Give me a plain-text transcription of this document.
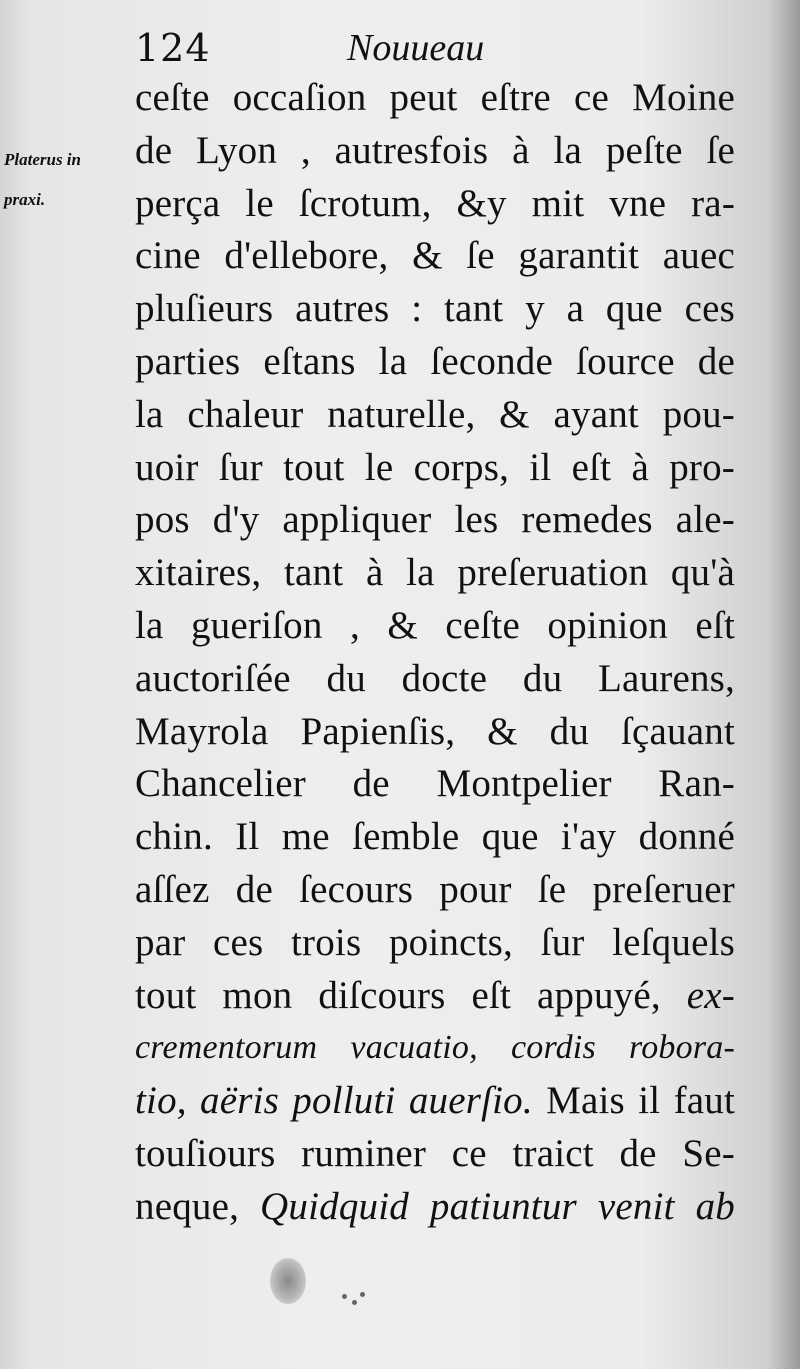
124	Nouueau
Platerus in
praxi.
ceſte occaſion peut eſtre ce Moine
de Lyon , autresfois à la peſte ſe
perça le ſcrotum, &y mit vne ra-
cine d'ellebore, & ſe garantit auec
pluſieurs autres : tant y a que ces
parties eſtans la ſeconde ſource de
la chaleur naturelle, & ayant pou-
uoir ſur tout le corps, il eſt à pro-
pos d'y appliquer les remedes ale-
xitaires, tant à la preſeruation qu'à
la gueriſon , & ceſte opinion eſt
auctoriſée du docte du Laurens,
Mayrola Papienſis, & du ſçauant
Chancelier de Montpelier Ran-
chin. Il me ſemble que i'ay donné
aſſez de ſecours pour ſe preſeruer
par ces trois poincts, ſur leſquels
tout mon diſcours eſt appuyé, ex-
crementorum vacuatio, cordis robora-
tio, aëris polluti auerſio. Mais il faut
touſiours ruminer ce traict de Se-
neque, Quidquid patiuntur venit ab
